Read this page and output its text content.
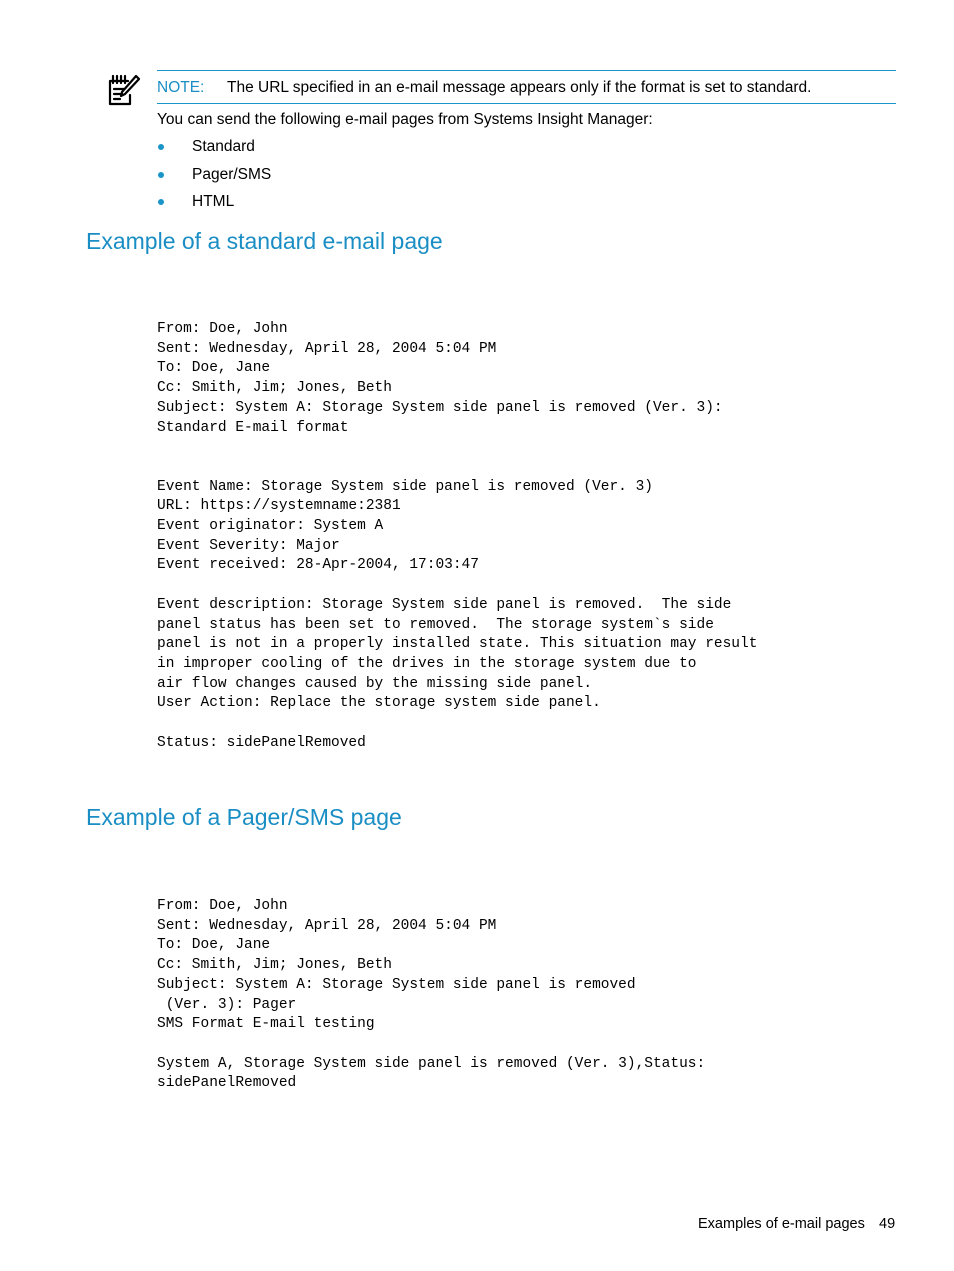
NOTE: The URL specified in an e-mail message appears only if the format is set to standard.
You can send the following e-mail pages from Systems Insight Manager:
Standard
Pager/SMS
HTML
Example of a standard e-mail page
From: Doe, John
Sent: Wednesday, April 28, 2004 5:04 PM
To: Doe, Jane
Cc: Smith, Jim; Jones, Beth
Subject: System A: Storage System side panel is removed (Ver. 3):
Standard E-mail format

Event Name: Storage System side panel is removed (Ver. 3)
URL: https://systemname:2381
Event originator: System A
Event Severity: Major
Event received: 28-Apr-2004, 17:03:47

Event description: Storage System side panel is removed.  The side
panel status has been set to removed.  The storage system`s side
panel is not in a properly installed state. This situation may result
in improper cooling of the drives in the storage system due to
air flow changes caused by the missing side panel.
User Action: Replace the storage system side panel.

Status: sidePanelRemoved
Example of a Pager/SMS page
From: Doe, John
Sent: Wednesday, April 28, 2004 5:04 PM
To: Doe, Jane
Cc: Smith, Jim; Jones, Beth
Subject: System A: Storage System side panel is removed
(Ver. 3): Pager
SMS Format E-mail testing

System A, Storage System side panel is removed (Ver. 3),Status:
sidePanelRemoved
Examples of e-mail pages 49
